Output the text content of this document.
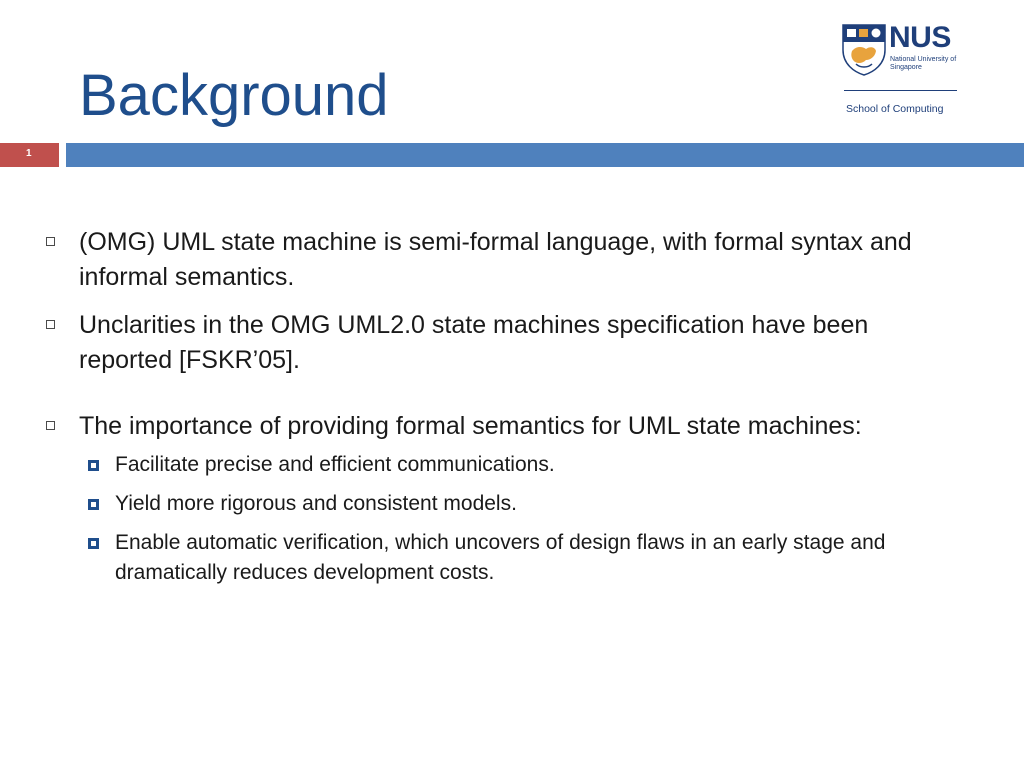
Background
NUS
National University of Singapore
School of Computing
1

(OMG) UML state machine is semi-formal language, with formal syntax and informal semantics.

Unclarities in the OMG UML2.0 state machines specification have been reported [FSKR’05].

The importance of providing formal semantics for UML state machines:

Facilitate precise and efficient communications.

Yield more rigorous and consistent models.

Enable automatic verification, which uncovers of design flaws in an early stage and dramatically reduces development costs.
